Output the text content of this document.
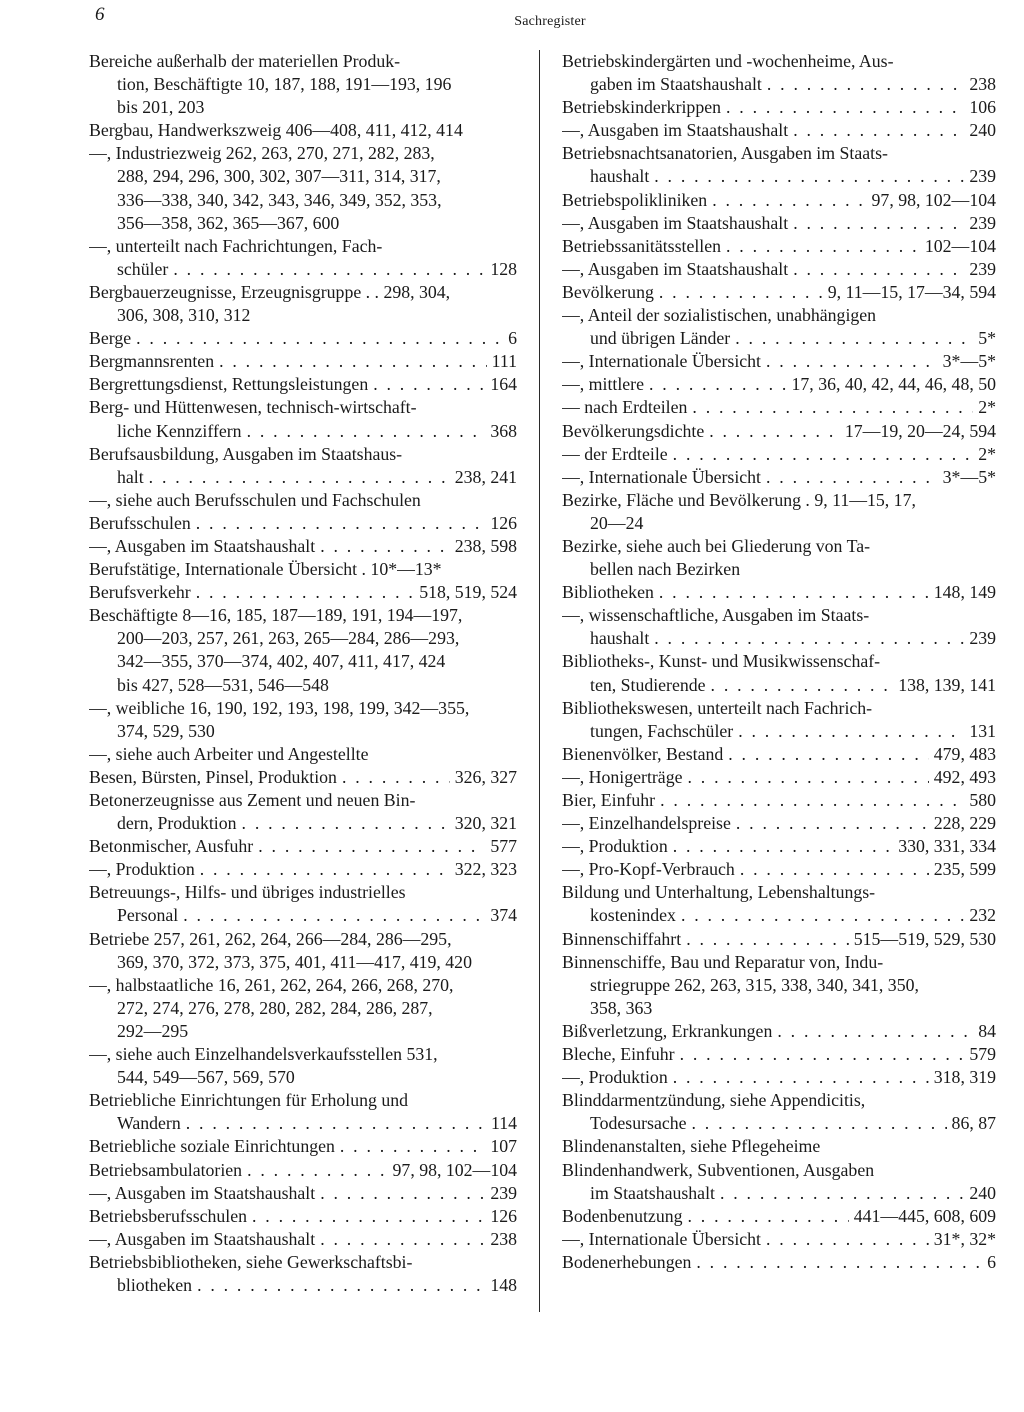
6	Sachregister
Bereiche außerhalb der materiellen Produk-
tion, Beschäftigte 10, 187, 188, 191—193, 196
bis 201, 203
Bergbau, Handwerkszweig 406—408, 411, 412, 414
—, Industriezweig 262, 263, 270, 271, 282, 283,
288, 294, 296, 300, 302, 307—311, 314, 317,
336—338, 340, 342, 343, 346, 349, 352, 353,
356—358, 362, 365—367, 600
—, unterteilt nach Fachrichtungen, Fach-
schüler . . .	128
Bergbauerzeugnisse, Erzeugnisgruppe . . 298, 304,
306, 308, 310, 312
Berge . . .	6
Bergmannsrenten . . .	111
Bergrettungsdienst, Rettungsleistungen . . .	164
Berg- und Hüttenwesen, technisch-wirtschaft-
liche Kennziffern . . .	368
Berufsausbildung, Ausgaben im Staatshaus-
halt . . .	238, 241
—, siehe auch Berufsschulen und Fachschulen
Berufsschulen . . .	126
—, Ausgaben im Staatshaushalt . . .	238, 598
Berufstätige, Internationale Übersicht . 10*—13*
Berufsverkehr . . .	518, 519, 524
Beschäftigte 8—16, 185, 187—189, 191, 194—197,
200—203, 257, 261, 263, 265—284, 286—293,
342—355, 370—374, 402, 407, 411, 417, 424
bis 427, 528—531, 546—548
—, weibliche 16, 190, 192, 193, 198, 199, 342—355,
374, 529, 530
—, siehe auch Arbeiter und Angestellte
Besen, Bürsten, Pinsel, Produktion . . .	326, 327
Betonerzeugnisse aus Zement und neuen Bin-
dern, Produktion . . .	320, 321
Betonmischer, Ausfuhr . . .	577
—, Produktion . . .	322, 323
Betreuungs-, Hilfs- und übriges industrielles
Personal . . .	374
Betriebe 257, 261, 262, 264, 266—284, 286—295,
369, 370, 372, 373, 375, 401, 411—417, 419, 420
—, halbstaatliche 16, 261, 262, 264, 266, 268, 270,
272, 274, 276, 278, 280, 282, 284, 286, 287,
292—295
—, siehe auch Einzelhandelsverkaufsstellen 531,
544, 549—567, 569, 570
Betriebliche Einrichtungen für Erholung und
Wandern . . .	114
Betriebliche soziale Einrichtungen . . .	107
Betriebsambulatorien . . .	97, 98, 102—104
—, Ausgaben im Staatshaushalt . . .	239
Betriebsberufsschulen . . .	126
—, Ausgaben im Staatshaushalt . . .	238
Betriebsbibliotheken, siehe Gewerkschaftsbi-
bliotheken . . .	148
Betriebskindergärten und -wochenheime, Aus-
gaben im Staatshaushalt . . .	238
Betriebskinderkrippen . . .	106
—, Ausgaben im Staatshaushalt . . .	240
Betriebsnachtsanatorien, Ausgaben im Staats-
haushalt . . .	239
Betriebspolikliniken . . .	97, 98, 102—104
—, Ausgaben im Staatshaushalt . . .	239
Betriebssanitätsstellen . . .	102—104
—, Ausgaben im Staatshaushalt . . .	239
Bevölkerung . . .	9, 11—15, 17—34, 594
—, Anteil der sozialistischen, unabhängigen
und übrigen Länder . . .	5*
—, Internationale Übersicht . . .	3*—5*
—, mittlere . . .	17, 36, 40, 42, 44, 46, 48, 50
— nach Erdteilen . . .	2*
Bevölkerungsdichte . . .	17—19, 20—24, 594
— der Erdteile . . .	2*
—, Internationale Übersicht . . .	3*—5*
Bezirke, Fläche und Bevölkerung . 9, 11—15, 17,
20—24
Bezirke, siehe auch bei Gliederung von Ta-
bellen nach Bezirken
Bibliotheken . . .	148, 149
—, wissenschaftliche, Ausgaben im Staats-
haushalt . . .	239
Bibliotheks-, Kunst- und Musikwissenschaf-
ten, Studierende . . .	138, 139, 141
Bibliothekswesen, unterteilt nach Fachrich-
tungen, Fachschüler . . .	131
Bienenvölker, Bestand . . .	479, 483
—, Honigerträge . . .	492, 493
Bier, Einfuhr . . .	580
—, Einzelhandelspreise . . .	228, 229
—, Produktion . . .	330, 331, 334
—, Pro-Kopf-Verbrauch . . .	235, 599
Bildung und Unterhaltung, Lebenshaltungs-
kostenindex . . .	232
Binnenschiffahrt . . .	515—519, 529, 530
Binnenschiffe, Bau und Reparatur von, Indu-
striegruppe 262, 263, 315, 338, 340, 341, 350,
358, 363
Bißverletzung, Erkrankungen . . .	84
Bleche, Einfuhr . . .	579
—, Produktion . . .	318, 319
Blinddarmentzündung, siehe Appendicitis,
Todesursache . . .	86, 87
Blindenanstalten, siehe Pflegeheime
Blindenhandwerk, Subventionen, Ausgaben
im Staatshaushalt . . .	240
Bodenbenutzung . . .	441—445, 608, 609
—, Internationale Übersicht . . .	31*, 32*
Bodenerhebungen . . .	6
